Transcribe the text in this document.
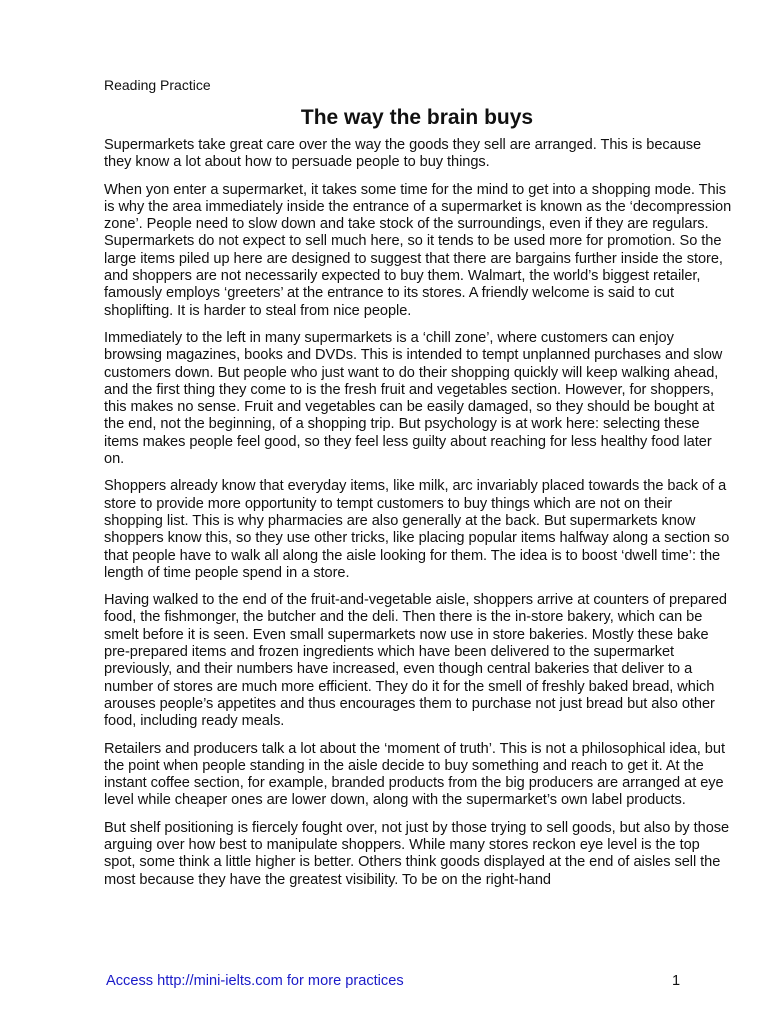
Reading Practice
The way the brain buys

Supermarkets take great care over the way the goods they sell are arranged. This is because they know a lot about how to persuade people to buy things.

When yon enter a supermarket, it takes some time for the mind to get into a shopping mode. This is why the area immediately inside the entrance of a supermarket is known as the ‘decompression zone’. People need to slow down and take stock of the surroundings, even if they are regulars. Supermarkets do not expect to sell much here, so it tends to be used more for promotion. So the large items piled up here are designed to suggest that there are bargains further inside the store, and shoppers are not necessarily expected to buy them. Walmart, the world’s biggest retailer, famously employs ‘greeters’ at the entrance to its stores. A friendly welcome is said to cut shoplifting. It is harder to steal from nice people.

Immediately to the left in many supermarkets is a ‘chill zone’, where customers can enjoy browsing magazines, books and DVDs. This is intended to tempt unplanned purchases and slow customers down. But people who just want to do their shopping quickly will keep walking ahead, and the first thing they come to is the fresh fruit and vegetables section. However, for shoppers, this makes no sense. Fruit and vegetables can be easily damaged, so they should be bought at the end, not the beginning, of a shopping trip. But psychology is at work here: selecting these items makes people feel good, so they feel less guilty about reaching for less healthy food later on.

Shoppers already know that everyday items, like milk, arc invariably placed towards the back of a store to provide more opportunity to tempt customers to buy things which are not on their shopping list. This is why pharmacies are also generally at the back. But supermarkets know shoppers know this, so they use other tricks, like placing popular items halfway along a section so that people have to walk all along the aisle looking for them. The idea is to boost ‘dwell time’: the length of time people spend in a store.

Having walked to the end of the fruit-and-vegetable aisle, shoppers arrive at counters of prepared food, the fishmonger, the butcher and the deli. Then there is the in-store bakery, which can be smelt before it is seen. Even small supermarkets now use in store bakeries. Mostly these bake pre-prepared items and frozen ingredients which have been delivered to the supermarket previously, and their numbers have increased, even though central bakeries that deliver to a number of stores are much more efficient. They do it for the smell of freshly baked bread, which arouses people’s appetites and thus encourages them to purchase not just bread but also other food, including ready meals.

Retailers and producers talk a lot about the ‘moment of truth’. This is not a philosophical idea, but the point when people standing in the aisle decide to buy something and reach to get it. At the instant coffee section, for example, branded products from the big producers are arranged at eye level while cheaper ones are lower down, along with the supermarket’s own label products.

But shelf positioning is fiercely fought over, not just by those trying to sell goods, but also by those arguing over how best to manipulate shoppers. While many stores reckon eye level is the top spot, some think a little higher is better. Others think goods displayed at the end of aisles sell the most because they have the greatest visibility. To be on the right-hand

Access http://mini-ielts.com for more practices	1
